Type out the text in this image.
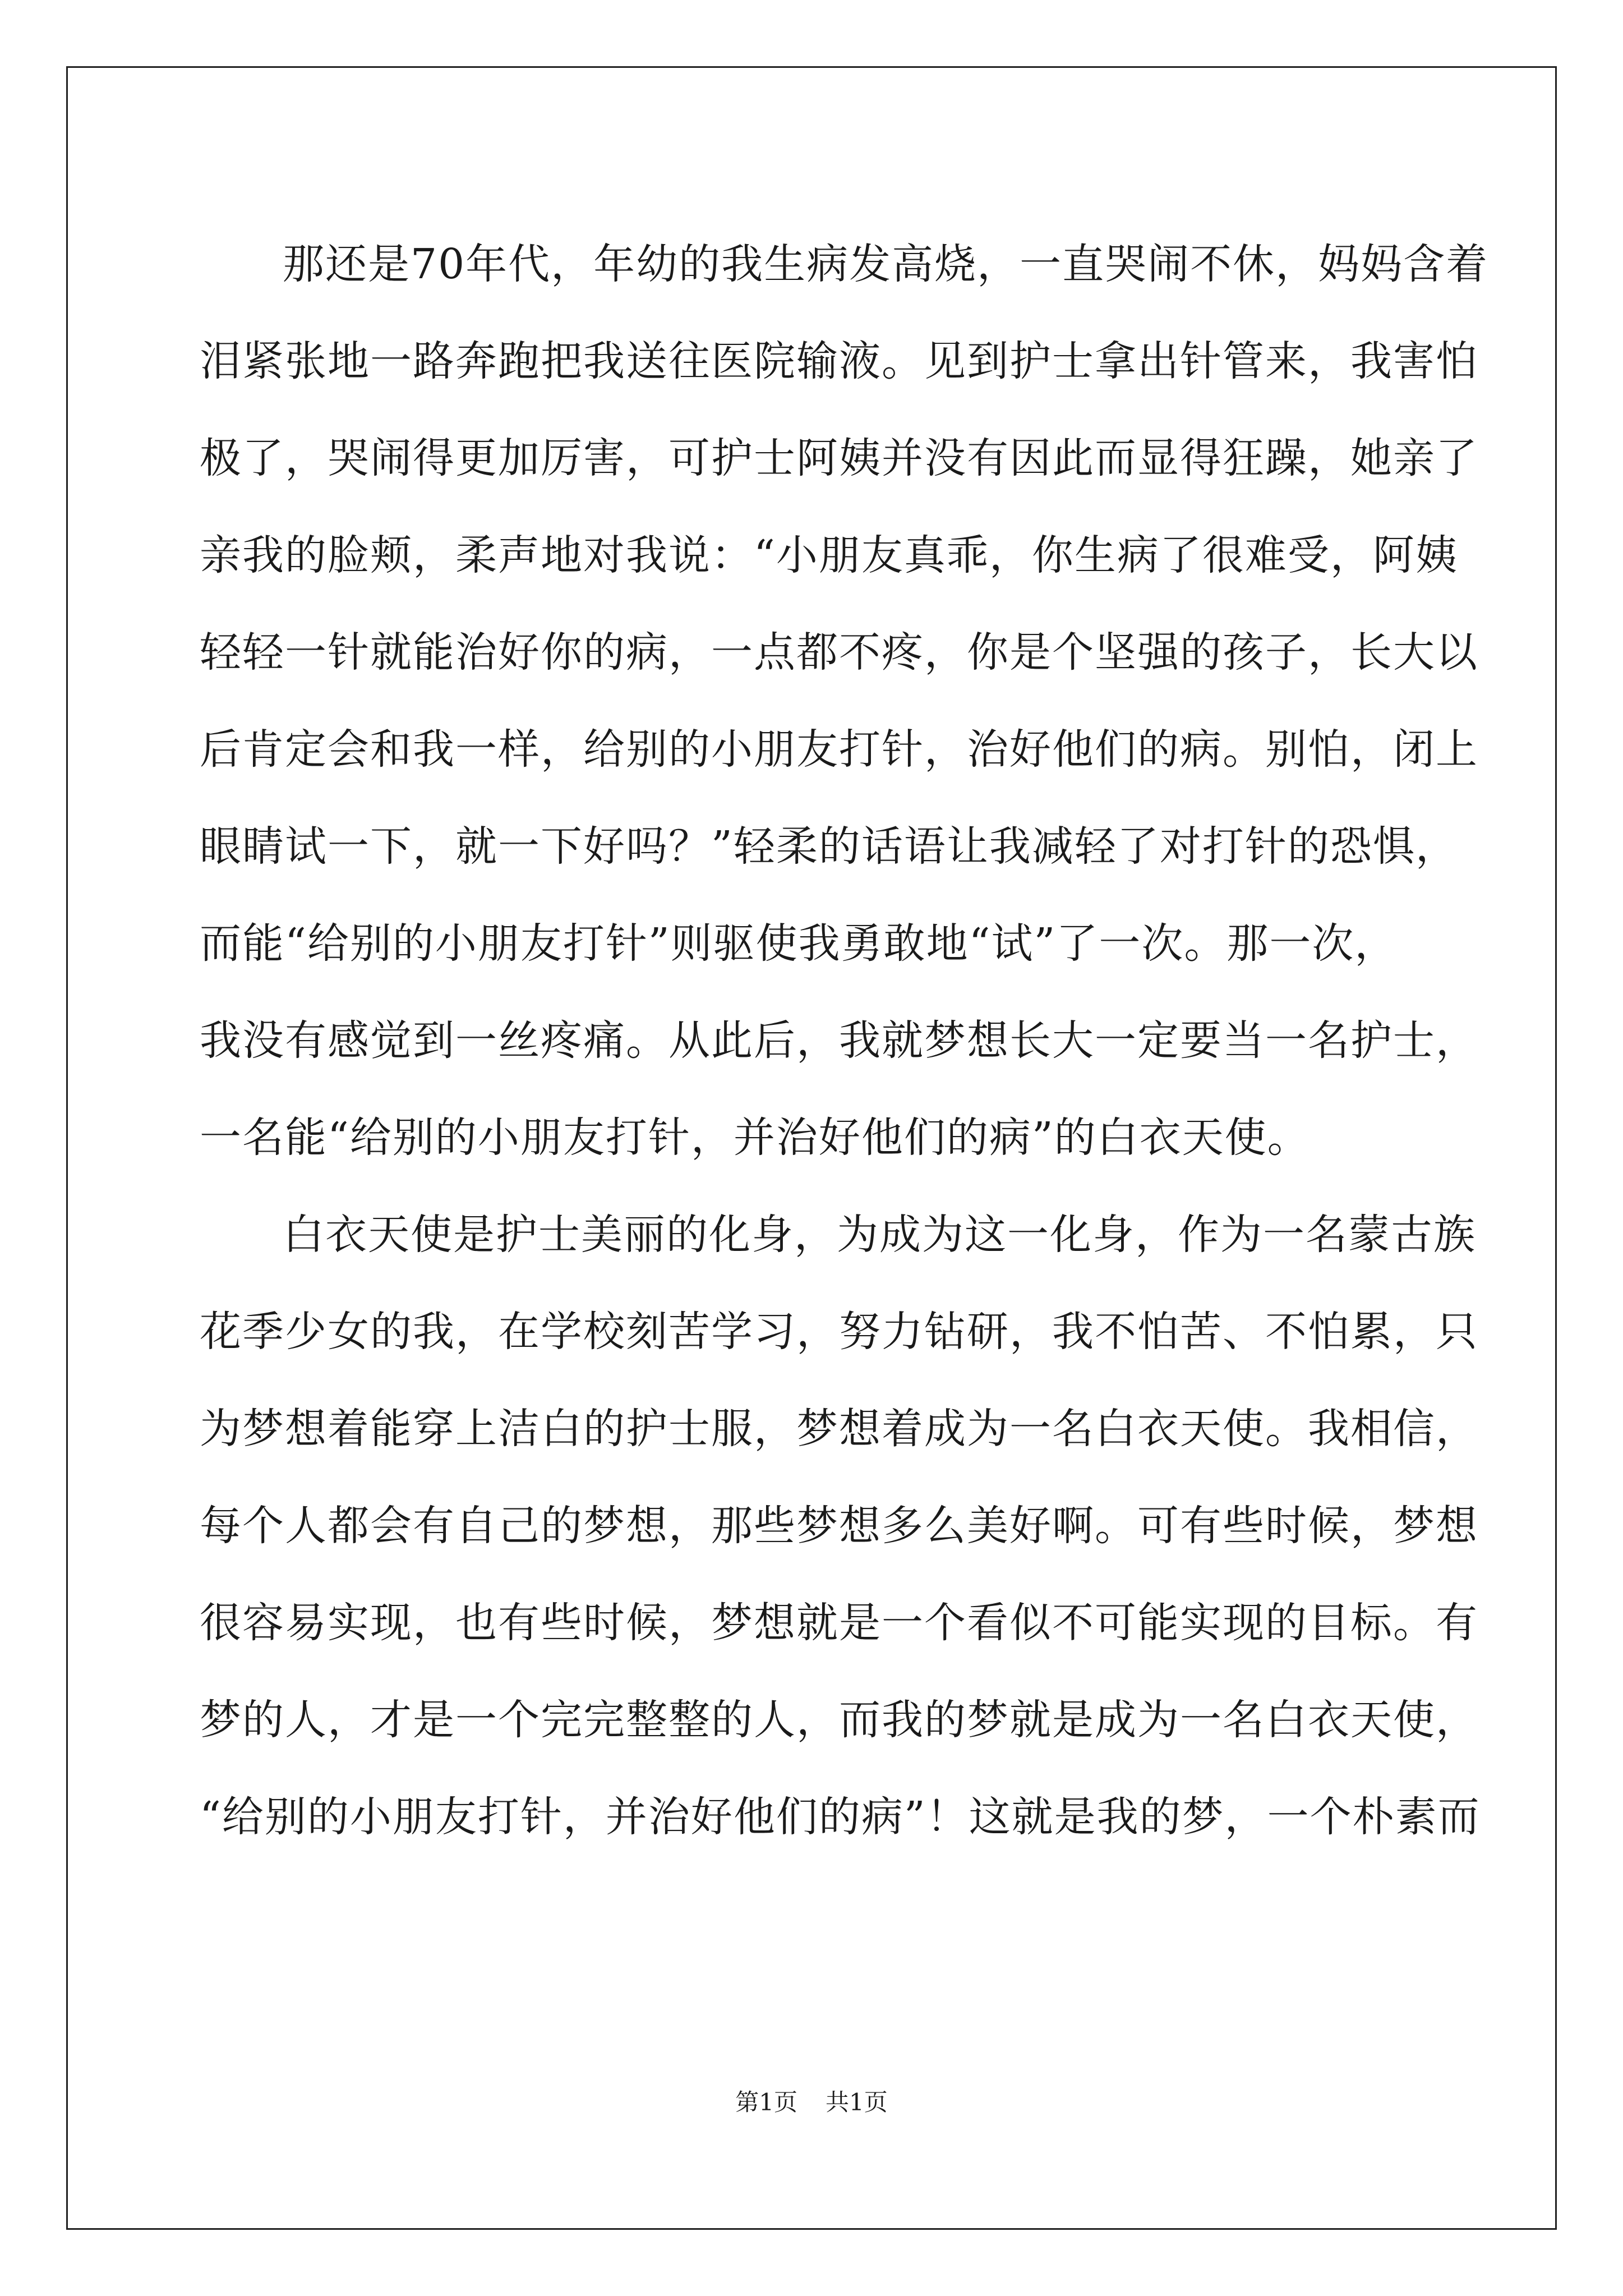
那还是70年代，年幼的我生病发高烧，一直哭闹不休，妈妈含着
泪紧张地一路奔跑把我送往医院输液。见到护士拿出针管来，我害怕
极了，哭闹得更加厉害，可护士阿姨并没有因此而显得狂躁，她亲了
亲我的脸颊，柔声地对我说：“小朋友真乖，你生病了很难受，阿姨
轻轻一针就能治好你的病，一点都不疼，你是个坚强的孩子，长大以
后肯定会和我一样，给别的小朋友打针，治好他们的病。别怕，闭上
眼睛试一下，就一下好吗？”轻柔的话语让我减轻了对打针的恐惧，
而能“给别的小朋友打针”则驱使我勇敢地“试”了一次。那一次，
我没有感觉到一丝疼痛。从此后，我就梦想长大一定要当一名护士，
一名能“给别的小朋友打针，并治好他们的病”的白衣天使。
白衣天使是护士美丽的化身，为成为这一化身，作为一名蒙古族
花季少女的我，在学校刻苦学习，努力钻研，我不怕苦、不怕累，只
为梦想着能穿上洁白的护士服，梦想着成为一名白衣天使。我相信，
每个人都会有自己的梦想，那些梦想多么美好啊。可有些时候，梦想
很容易实现，也有些时候，梦想就是一个看似不可能实现的目标。有
梦的人，才是一个完完整整的人，而我的梦就是成为一名白衣天使，
“给别的小朋友打针，并治好他们的病”！这就是我的梦，一个朴素而
第1页 共1页
